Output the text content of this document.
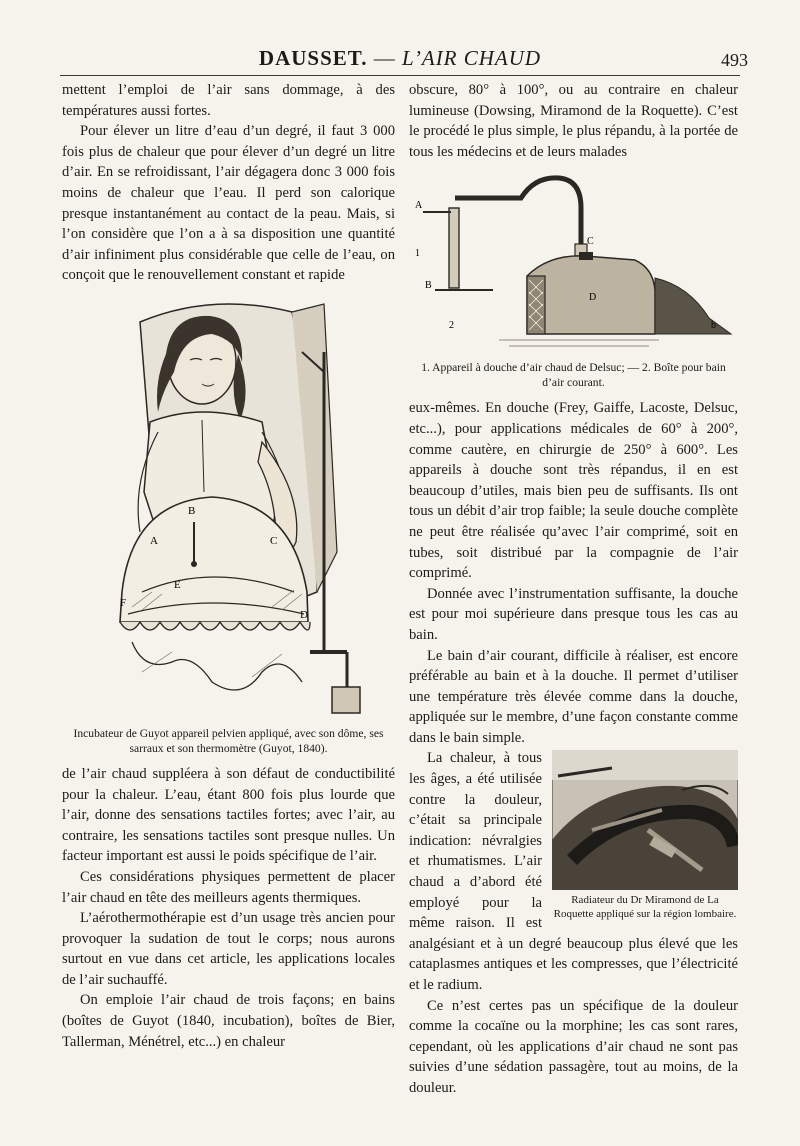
DAUSSET. — L’AIR CHAUD	493

mettent l’emploi de l’air sans dommage, à des températures aussi fortes.

Pour élever un litre d’eau d’un degré, il faut 3 000 fois plus de chaleur que pour élever d’un degré un litre d’air. En se refroidissant, l’air dégagera donc 3 000 fois moins de chaleur que l’eau. Il perd son calorique presque instantanément au contact de la peau. Mais, si l’on considère que l’on a à sa disposition une quantité d’air infiniment plus considérable que celle de l’eau, on conçoit que le renouvellement constant et rapide

B
A	C
D
E
F

Incubateur de Guyot appareil pelvien appliqué, avec son dôme, ses sarraux et son thermomètre (Guyot, 1840).

de l’air chaud suppléera à son défaut de conductibilité pour la chaleur. L’eau, étant 800 fois plus lourde que l’air, donne des sensations tactiles fortes; avec l’air, au contraire, les sensations tactiles sont presque nulles. Un facteur important est aussi le poids spécifique de l’air.

Ces considérations physiques permettent de placer l’air chaud en tête des meilleurs agents thermiques.

L’aérothermothérapie est d’un usage très ancien pour provoquer la sudation de tout le corps; nous aurons surtout en vue dans cet article, les applications locales de l’air suchauffé.

On emploie l’air chaud de trois façons; en bains (boîtes de Guyot (1840, incubation), boîtes de Bier, Tallerman, Ménétrel, etc...) en chaleur

obscure, 80° à 100°, ou au contraire en chaleur lumineuse (Dowsing, Miramond de la Roquette). C’est le procédé le plus simple, le plus répandu, à la portée de tous les médecins et de leurs malades

A
B
C
D
1
2	b

1. Appareil à douche d’air chaud de Delsuc; — 2. Boîte pour bain d’air courant.

eux-mêmes. En douche (Frey, Gaiffe, Lacoste, Delsuc, etc...), pour applications médicales de 60° à 200°, comme cautère, en chirurgie de 250° à 600°. Les appareils à douche sont très répandus, il en est beaucoup d’utiles, mais bien peu de suffisants. Ils ont tous un débit d’air trop faible; la seule douche complète ne peut être réalisée qu’avec l’air comprimé, soit en tubes, soit distribué par la compagnie de l’air comprimé.

Donnée avec l’instrumentation suffisante, la douche est pour moi supérieure dans presque tous les cas au bain.

Le bain d’air courant, difficile à réaliser, est encore préférable au bain et à la douche. Il permet d’utiliser une température très élevée comme dans la douche, appliquée sur le membre, d’une façon constante comme dans le bain simple.

Radiateur du Dr Miramond de La Roquette appliqué sur la région lombaire.

La chaleur, à tous les âges, a été utilisée contre la douleur, c’était sa principale indication: névralgies et rhumatismes. L’air chaud a d’abord été employé pour la même raison. Il est analgésiant et à un degré beaucoup plus élevé que les cataplasmes antiques et les compresses, que l’électricité et le radium.

Ce n’est certes pas un spécifique de la douleur comme la cocaïne ou la morphine; les cas sont rares, cependant, où les applications d’air chaud ne sont pas suivies d’une sédation passagère, tout au moins, de la douleur.
